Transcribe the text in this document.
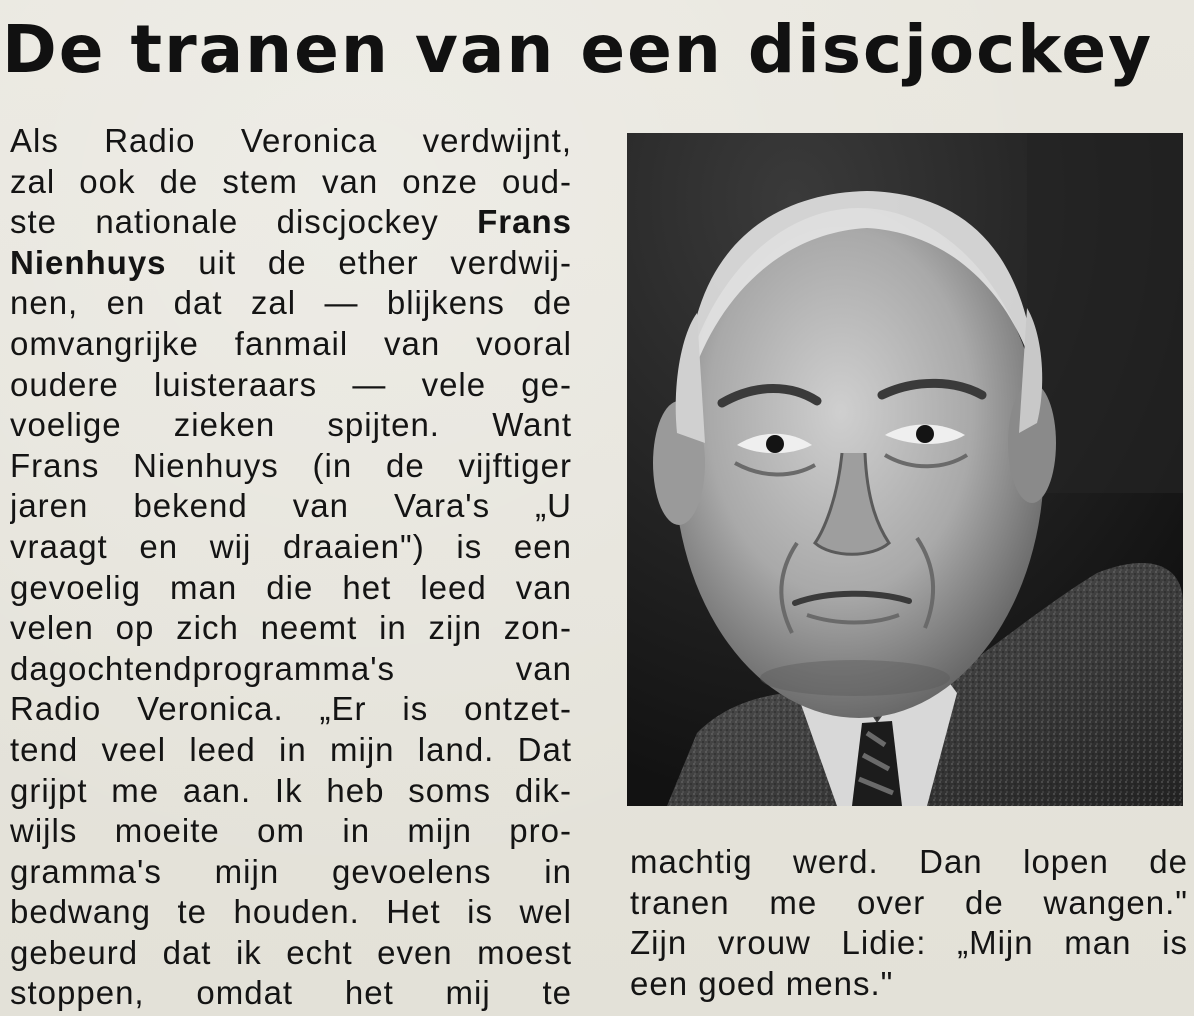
De tranen van een discjockey
Als Radio Veronica verdwijnt,
zal ook de stem van onze oud-
ste nationale discjockey Frans
Nienhuys uit de ether verdwij-
nen, en dat zal — blijkens de
omvangrijke fanmail van vooral
oudere luisteraars — vele ge-
voelige zieken spijten. Want
Frans Nienhuys (in de vijftiger
jaren bekend van Vara's „U
vraagt en wij draaien") is een
gevoelig man die het leed van
velen op zich neemt in zijn zon-
dagochtendprogramma's van
Radio Veronica. „Er is ontzet-
tend veel leed in mijn land. Dat
grijpt me aan. Ik heb soms dik-
wijls moeite om in mijn pro-
gramma's mijn gevoelens in
bedwang te houden. Het is wel
gebeurd dat ik echt even moest
stoppen, omdat het mij te
machtig werd. Dan lopen de
tranen me over de wangen."
Zijn vrouw Lidie: „Mijn man is
een goed mens."
